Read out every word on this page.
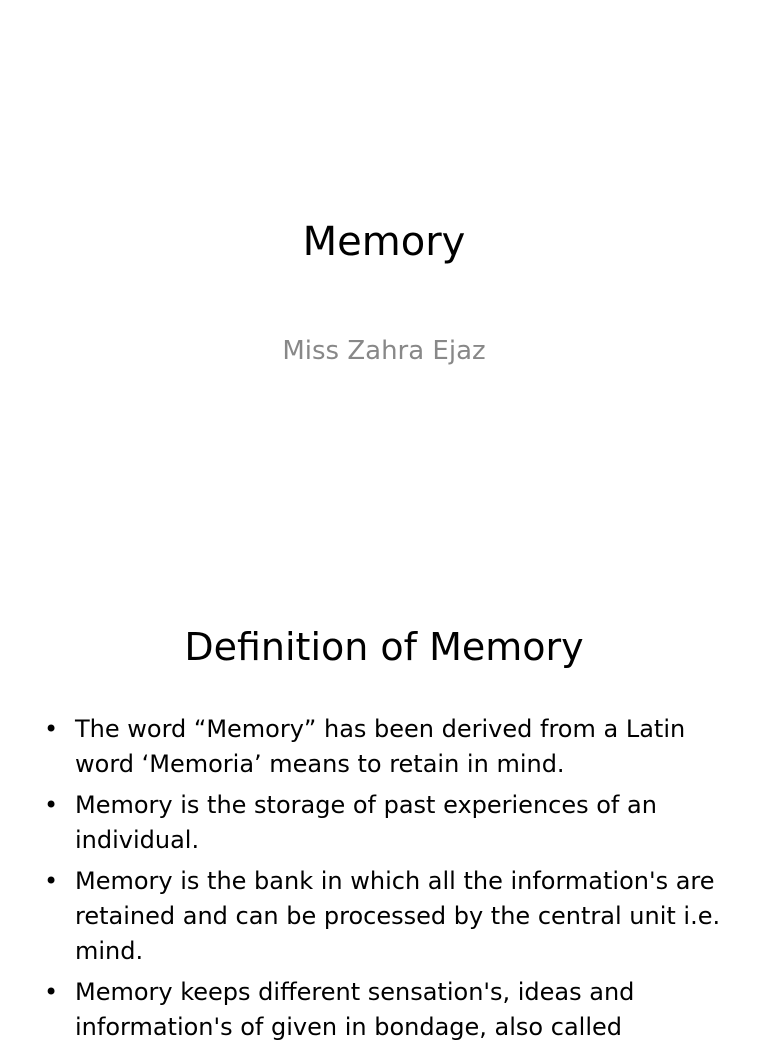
Memory

Miss Zahra Ejaz

Definition of Memory
• The word “Memory” has been derived from a Latin word ‘Memoria’ means to retain in mind.
• Memory is the storage of past experiences of an individual.
• Memory is the bank in which all the information's are retained and can be processed by the central unit i.e. mind.
• Memory keeps different sensation's, ideas and information's of given in bondage, also called
